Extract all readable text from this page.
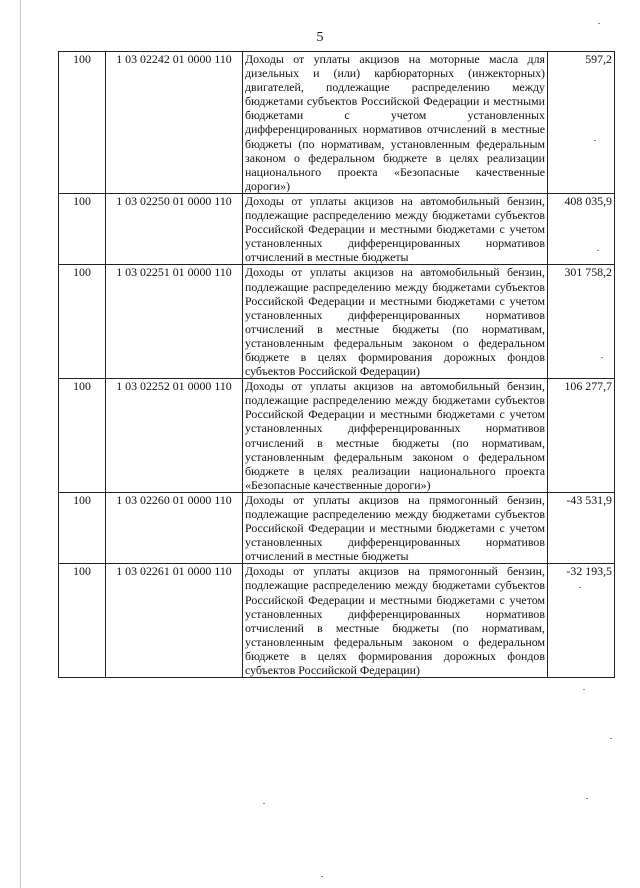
5
100	1 03 02242 01 0000 110	Доходы от уплаты акцизов на моторные масла для дизельных и (или) карбюраторных (инжекторных) двигателей, подлежащие распределению между бюджетами субъектов Российской Федерации и местными бюджетами с учетом установленных дифференцированных нормативов отчислений в местные бюджеты (по нормативам, установленным федеральным законом о федеральном бюджете в целях реализации национального проекта «Безопасные качественные дороги»)	597,2
100	1 03 02250 01 0000 110	Доходы от уплаты акцизов на автомобильный бензин, подлежащие распределению между бюджетами субъектов Российской Федерации и местными бюджетами с учетом установленных дифференцированных нормативов отчислений в местные бюджеты	408 035,9
100	1 03 02251 01 0000 110	Доходы от уплаты акцизов на автомобильный бензин, подлежащие распределению между бюджетами субъектов Российской Федерации и местными бюджетами с учетом установленных дифференцированных нормативов отчислений в местные бюджеты (по нормативам, установленным федеральным законом о федеральном бюджете в целях формирования дорожных фондов субъектов Российской Федерации)	301 758,2
100	1 03 02252 01 0000 110	Доходы от уплаты акцизов на автомобильный бензин, подлежащие распределению между бюджетами субъектов Российской Федерации и местными бюджетами с учетом установленных дифференцированных нормативов отчислений в местные бюджеты (по нормативам, установленным федеральным законом о федеральном бюджете в целях реализации национального проекта «Безопасные качественные дороги»)	106 277,7
100	1 03 02260 01 0000 110	Доходы от уплаты акцизов на прямогонный бензин, подлежащие распределению между бюджетами субъектов Российской Федерации и местными бюджетами с учетом установленных дифференцированных нормативов отчислений в местные бюджеты	-43 531,9
100	1 03 02261 01 0000 110	Доходы от уплаты акцизов на прямогонный бензин, подлежащие распределению между бюджетами субъектов Российской Федерации и местными бюджетами с учетом установленных дифференцированных нормативов отчислений в местные бюджеты (по нормативам, установленным федеральным законом о федеральном бюджете в целях формирования дорожных фондов субъектов Российской Федерации)	-32 193,5
